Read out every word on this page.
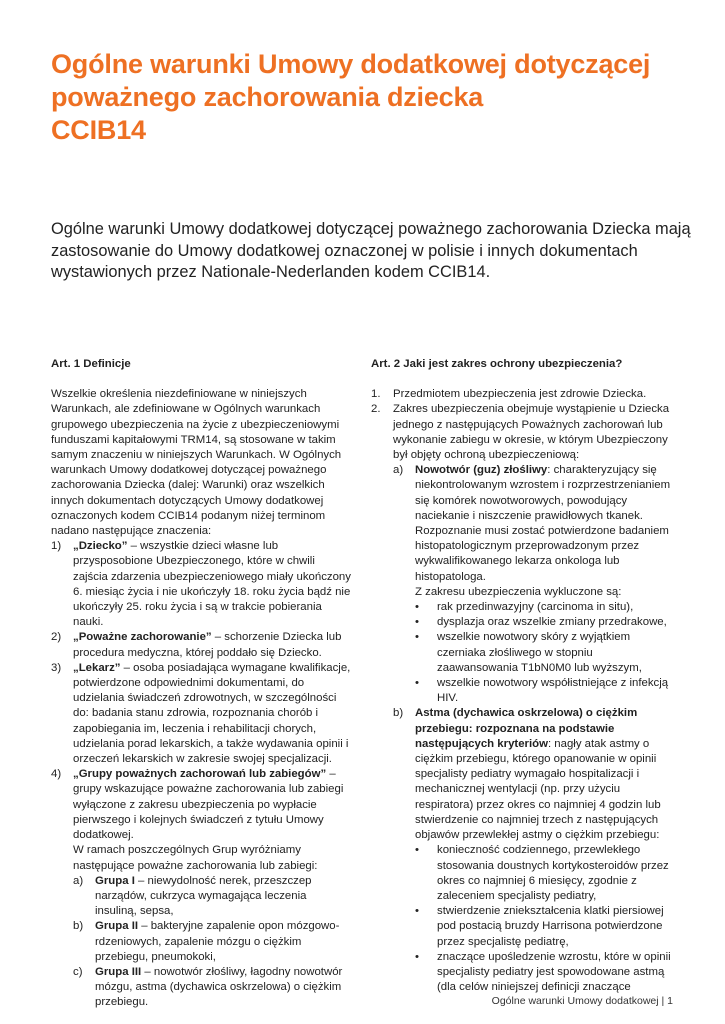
Ogólne warunki Umowy dodatkowej dotyczącej
poważnego zachorowania dziecka
CCIB14

Ogólne warunki Umowy dodatkowej dotyczącej poważnego zachorowania Dziecka mają zastosowanie do Umowy dodatkowej oznaczonej w polisie i innych dokumentach wystawionych przez Nationale-Nederlanden kodem CCIB14.

Art. 1 Definicje

Wszelkie określenia niezdefiniowane w niniejszych Warunkach, ale zdefiniowane w Ogólnych warunkach grupowego ubezpieczenia na życie z ubezpieczeniowymi funduszami kapitałowymi TRM14, są stosowane w takim samym znaczeniu w niniejszych Warunkach. W Ogólnych warunkach Umowy dodatkowej dotyczącej poważnego zachorowania Dziecka (dalej: Warunki) oraz wszelkich innych dokumentach dotyczących Umowy dodatkowej oznaczonych kodem CCIB14 podanym niżej terminom nadano następujące znaczenia:

1)	„Dziecko” – wszystkie dzieci własne lub przysposobione Ubezpieczonego, które w chwili zajścia zdarzenia ubezpieczeniowego miały ukończony 6. miesiąc życia i nie ukończyły 18. roku życia bądź nie ukończyły 25. roku życia i są w trakcie pobierania nauki.
2)	„Poważne zachorowanie” – schorzenie Dziecka lub procedura medyczna, której poddało się Dziecko.
3)	„Lekarz” – osoba posiadająca wymagane kwalifikacje, potwierdzone odpowiednimi dokumentami, do udzielania świadczeń zdrowotnych, w szczególności do: badania stanu zdrowia, rozpoznania chorób i zapobiegania im, leczenia i rehabilitacji chorych, udzielania porad lekarskich, a także wydawania opinii i orzeczeń lekarskich w zakresie swojej specjalizacji.
4)	„Grupy poważnych zachorowań lub zabiegów” – grupy wskazujące poważne zachorowania lub zabiegi wyłączone z zakresu ubezpieczenia po wypłacie pierwszego i kolejnych świadczeń z tytułu Umowy dodatkowej.

W ramach poszczególnych Grup wyróżniamy następujące poważne zachorowania lub zabiegi:

a)	Grupa I – niewydolność nerek, przeszczep narządów, cukrzyca wymagająca leczenia insuliną, sepsa,
b)	Grupa II – bakteryjne zapalenie opon mózgowo-rdzeniowych, zapalenie mózgu o ciężkim przebiegu, pneumokoki,
c)	Grupa III – nowotwór złośliwy, łagodny nowotwór mózgu, astma (dychawica oskrzelowa) o ciężkim przebiegu.
Art. 2 Jaki jest zakres ochrony ubezpieczenia?
1.	Przedmiotem ubezpieczenia jest zdrowie Dziecka.
2.	Zakres ubezpieczenia obejmuje wystąpienie u Dziecka jednego z następujących Poważnych zachorowań lub wykonanie zabiegu w okresie, w którym Ubezpieczony był objęty ochroną ubezpieczeniową:
a)	Nowotwór (guz) złośliwy: charakteryzujący się niekontrolowanym wzrostem i rozprzestrzenianiem się komórek nowotworowych, powodujący naciekanie i niszczenie prawidłowych tkanek. Rozpoznanie musi zostać potwierdzone badaniem histopatologicznym przeprowadzonym przez wykwalifikowanego lekarza onkologa lub histopatologa.

Z zakresu ubezpieczenia wykluczone są:

•	rak przedinwazyjny (carcinoma in situ),
•	dysplazja oraz wszelkie zmiany przedrakowe,
•	wszelkie nowotwory skóry z wyjątkiem czerniaka złośliwego w stopniu zaawansowania T1bN0M0 lub wyższym,
•	wszelkie nowotwory współistniejące z infekcją HIV.
b)	Astma (dychawica oskrzelowa) o ciężkim przebiegu: rozpoznana na podstawie następujących kryteriów: nagły atak astmy o ciężkim przebiegu, którego opanowanie w opinii specjalisty pediatry wymagało hospitalizacji i mechanicznej wentylacji (np. przy użyciu respiratora) przez okres co najmniej 4 godzin lub stwierdzenie co najmniej trzech z następujących objawów przewlekłej astmy o ciężkim przebiegu:
•	konieczność codziennego, przewlekłego stosowania doustnych kortykosteroidów przez okres co najmniej 6 miesięcy, zgodnie z zaleceniem specjalisty pediatry,
•	stwierdzenie zniekształcenia klatki piersiowej pod postacią bruzdy Harrisona potwierdzone przez specjalistę pediatrę,
•	znaczące upośledzenie wzrostu, które w opinii specjalisty pediatry jest spowodowane astmą (dla celów niniejszej definicji znaczące
Ogólne warunki Umowy dodatkowej | 1
